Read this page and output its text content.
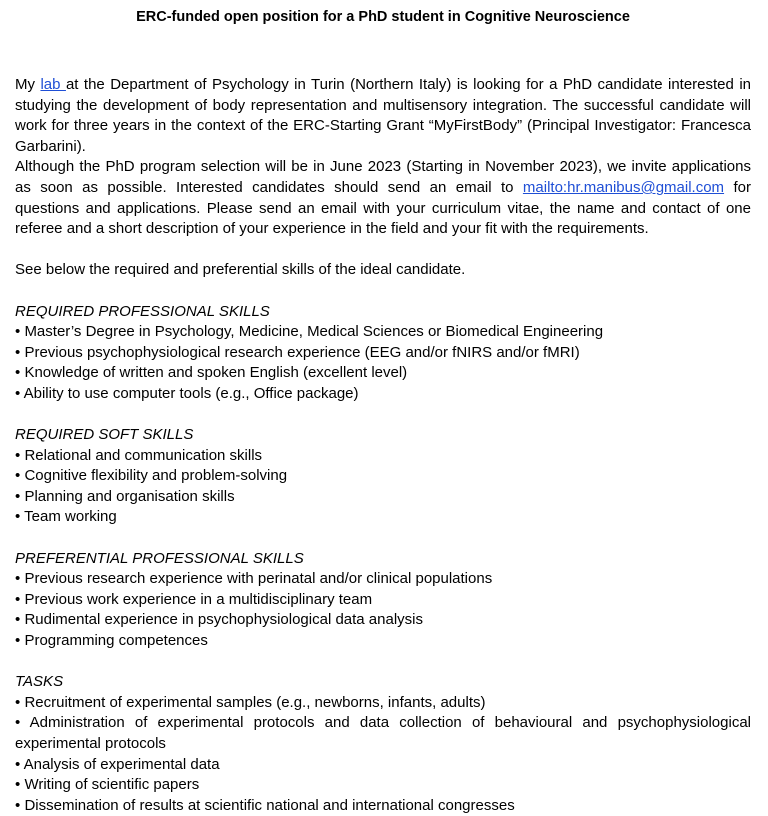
ERC-funded open position for a PhD student in Cognitive Neuroscience

My lab at the Department of Psychology in Turin (Northern Italy) is looking for a PhD candidate interested in studying the development of body representation and multisensory integration. The successful candidate will work for three years in the context of the ERC-Starting Grant “MyFirstBody” (Principal Investigator: Francesca Garbarini).

Although the PhD program selection will be in June 2023 (Starting in November 2023), we invite applications as soon as possible. Interested candidates should send an email to mailto:hr.manibus@gmail.com for questions and applications. Please send an email with your curriculum vitae, the name and contact of one referee and a short description of your experience in the field and your fit with the requirements.

See below the required and preferential skills of the ideal candidate.

REQUIRED PROFESSIONAL SKILLS

• Master’s Degree in Psychology, Medicine, Medical Sciences or Biomedical Engineering
• Previous psychophysiological research experience (EEG and/or fNIRS and/or fMRI)
• Knowledge of written and spoken English (excellent level)
• Ability to use computer tools (e.g., Office package)

REQUIRED SOFT SKILLS

• Relational and communication skills
• Cognitive flexibility and problem-solving
• Planning and organisation skills
• Team working

PREFERENTIAL PROFESSIONAL SKILLS

• Previous research experience with perinatal and/or clinical populations
• Previous work experience in a multidisciplinary team
• Rudimental experience in psychophysiological data analysis
• Programming competences

TASKS

• Recruitment of experimental samples (e.g., newborns, infants, adults)
• Administration of experimental protocols and data collection of behavioural and psychophysiological experimental protocols
• Analysis of experimental data
• Writing of scientific papers
• Dissemination of results at scientific national and international congresses
